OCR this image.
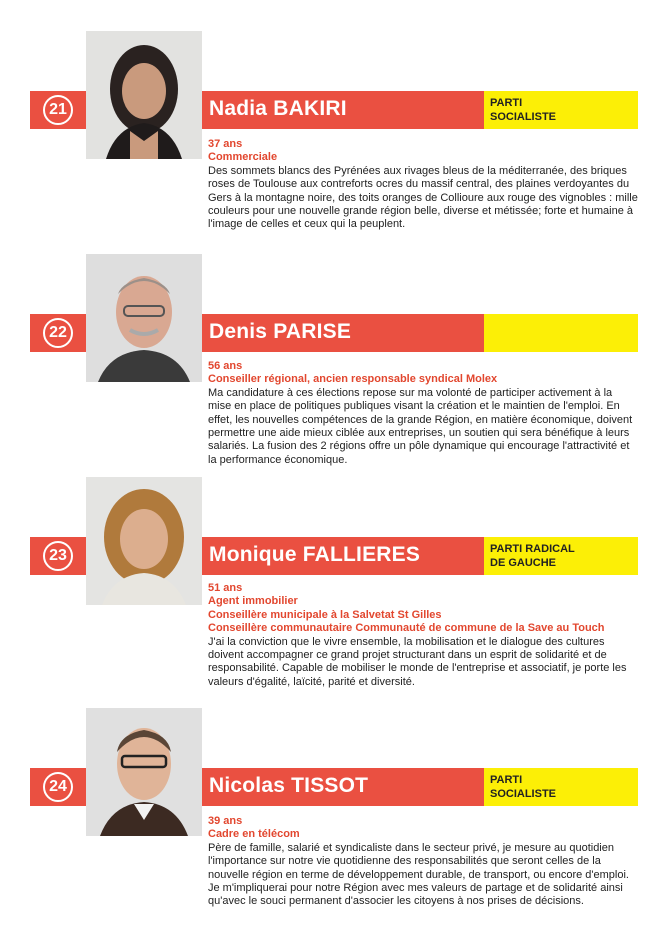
21	Nadia BAKIRI	PARTI
SOCIALISTE
37 ans
Commerciale

Des sommets blancs des Pyrénées aux rivages bleus de la méditerranée, des briques roses de Toulouse aux contreforts ocres du massif central, des plaines verdoyantes du Gers à la montagne noire, des toits oranges de Collioure aux rouge des vignobles : mille couleurs pour une nouvelle grande région belle, diverse et métissée; forte et humaine à l'image de celles et ceux qui la peuplent.

22	Denis PARISE
56 ans
Conseiller régional, ancien responsable syndical Molex

Ma candidature à ces élections repose sur ma volonté de participer activement à la mise en place de politiques publiques visant la création et le maintien de l'emploi. En effet, les nouvelles compétences de la grande Région, en matière économique, doivent permettre une aide mieux ciblée aux entreprises, un soutien qui sera bénéfique à leurs salariés. La fusion des 2 régions offre un pôle dynamique qui encourage l'attractivité et la performance économique.

23	Monique FALLIERES	PARTI RADICAL
DE GAUCHE
51 ans
Agent immobilier
Conseillère municipale à la Salvetat St Gilles
Conseillère communautaire Communauté de commune de la Save au Touch

J'ai la conviction que le vivre ensemble, la mobilisation et le dialogue des cultures doivent accompagner ce grand projet structurant dans un esprit de solidarité et de responsabilité. Capable de mobiliser le monde de l'entreprise et associatif, je porte les valeurs d'égalité, laïcité, parité et diversité.

24	Nicolas TISSOT	PARTI
SOCIALISTE
39 ans
Cadre en télécom

Père de famille, salarié et syndicaliste dans le secteur privé, je mesure au quotidien l'importance sur notre vie quotidienne des responsabilités que seront celles de la nouvelle région en terme de développement durable, de transport, ou encore d'emploi. Je m'impliquerai pour notre Région avec mes valeurs de partage et de solidarité ainsi qu'avec le souci permanent d'associer les citoyens à nos prises de décisions.
